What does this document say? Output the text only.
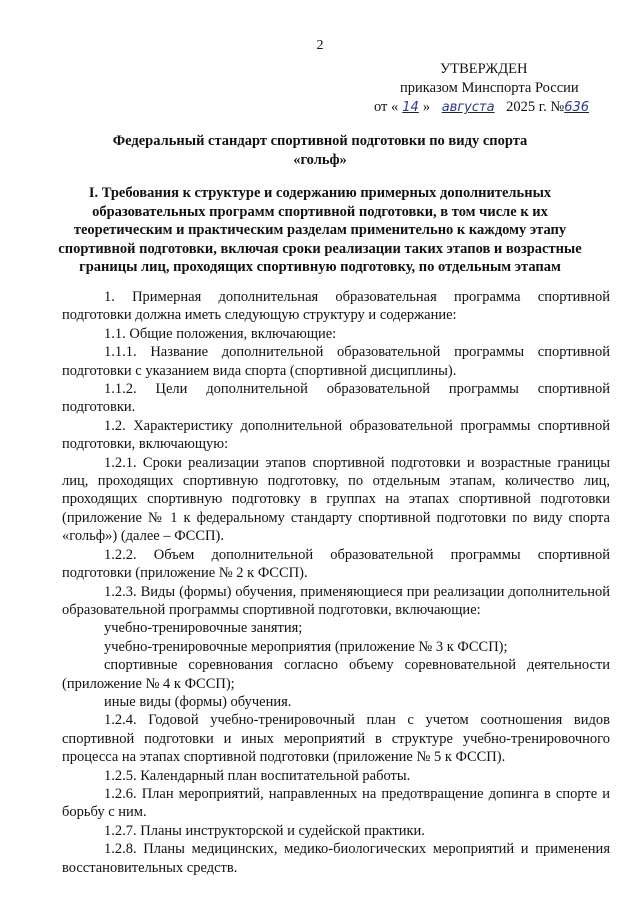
2
УТВЕРЖДЕН
приказом Минспорта России
от « 14 » августа 2025 г. №636
Федеральный стандарт спортивной подготовки по виду спорта
«гольф»
I. Требования к структуре и содержанию примерных дополнительных образовательных программ спортивной подготовки, в том числе к их теоретическим и практическим разделам применительно к каждому этапу спортивной подготовки, включая сроки реализации таких этапов и возрастные границы лиц, проходящих спортивную подготовку, по отдельным этапам

1. Примерная дополнительная образовательная программа спортивной подготовки должна иметь следующую структуру и содержание:

1.1. Общие положения, включающие:

1.1.1. Название дополнительной образовательной программы спортивной подготовки с указанием вида спорта (спортивной дисциплины).

1.1.2. Цели дополнительной образовательной программы спортивной подготовки.

1.2. Характеристику дополнительной образовательной программы спортивной подготовки, включающую:

1.2.1. Сроки реализации этапов спортивной подготовки и возрастные границы лиц, проходящих спортивную подготовку, по отдельным этапам, количество лиц, проходящих спортивную подготовку в группах на этапах спортивной подготовки (приложение № 1 к федеральному стандарту спортивной подготовки по виду спорта «гольф») (далее – ФССП).

1.2.2. Объем дополнительной образовательной программы спортивной подготовки (приложение № 2 к ФССП).

1.2.3. Виды (формы) обучения, применяющиеся при реализации дополнительной образовательной программы спортивной подготовки, включающие:

учебно-тренировочные занятия;

учебно-тренировочные мероприятия (приложение № 3 к ФССП);

спортивные соревнования согласно объему соревновательной деятельности (приложение № 4 к ФССП);

иные виды (формы) обучения.

1.2.4. Годовой учебно-тренировочный план с учетом соотношения видов спортивной подготовки и иных мероприятий в структуре учебно-тренировочного процесса на этапах спортивной подготовки (приложение № 5 к ФССП).

1.2.5. Календарный план воспитательной работы.

1.2.6. План мероприятий, направленных на предотвращение допинга в спорте и борьбу с ним.

1.2.7. Планы инструкторской и судейской практики.

1.2.8. Планы медицинских, медико-биологических мероприятий и применения восстановительных средств.
